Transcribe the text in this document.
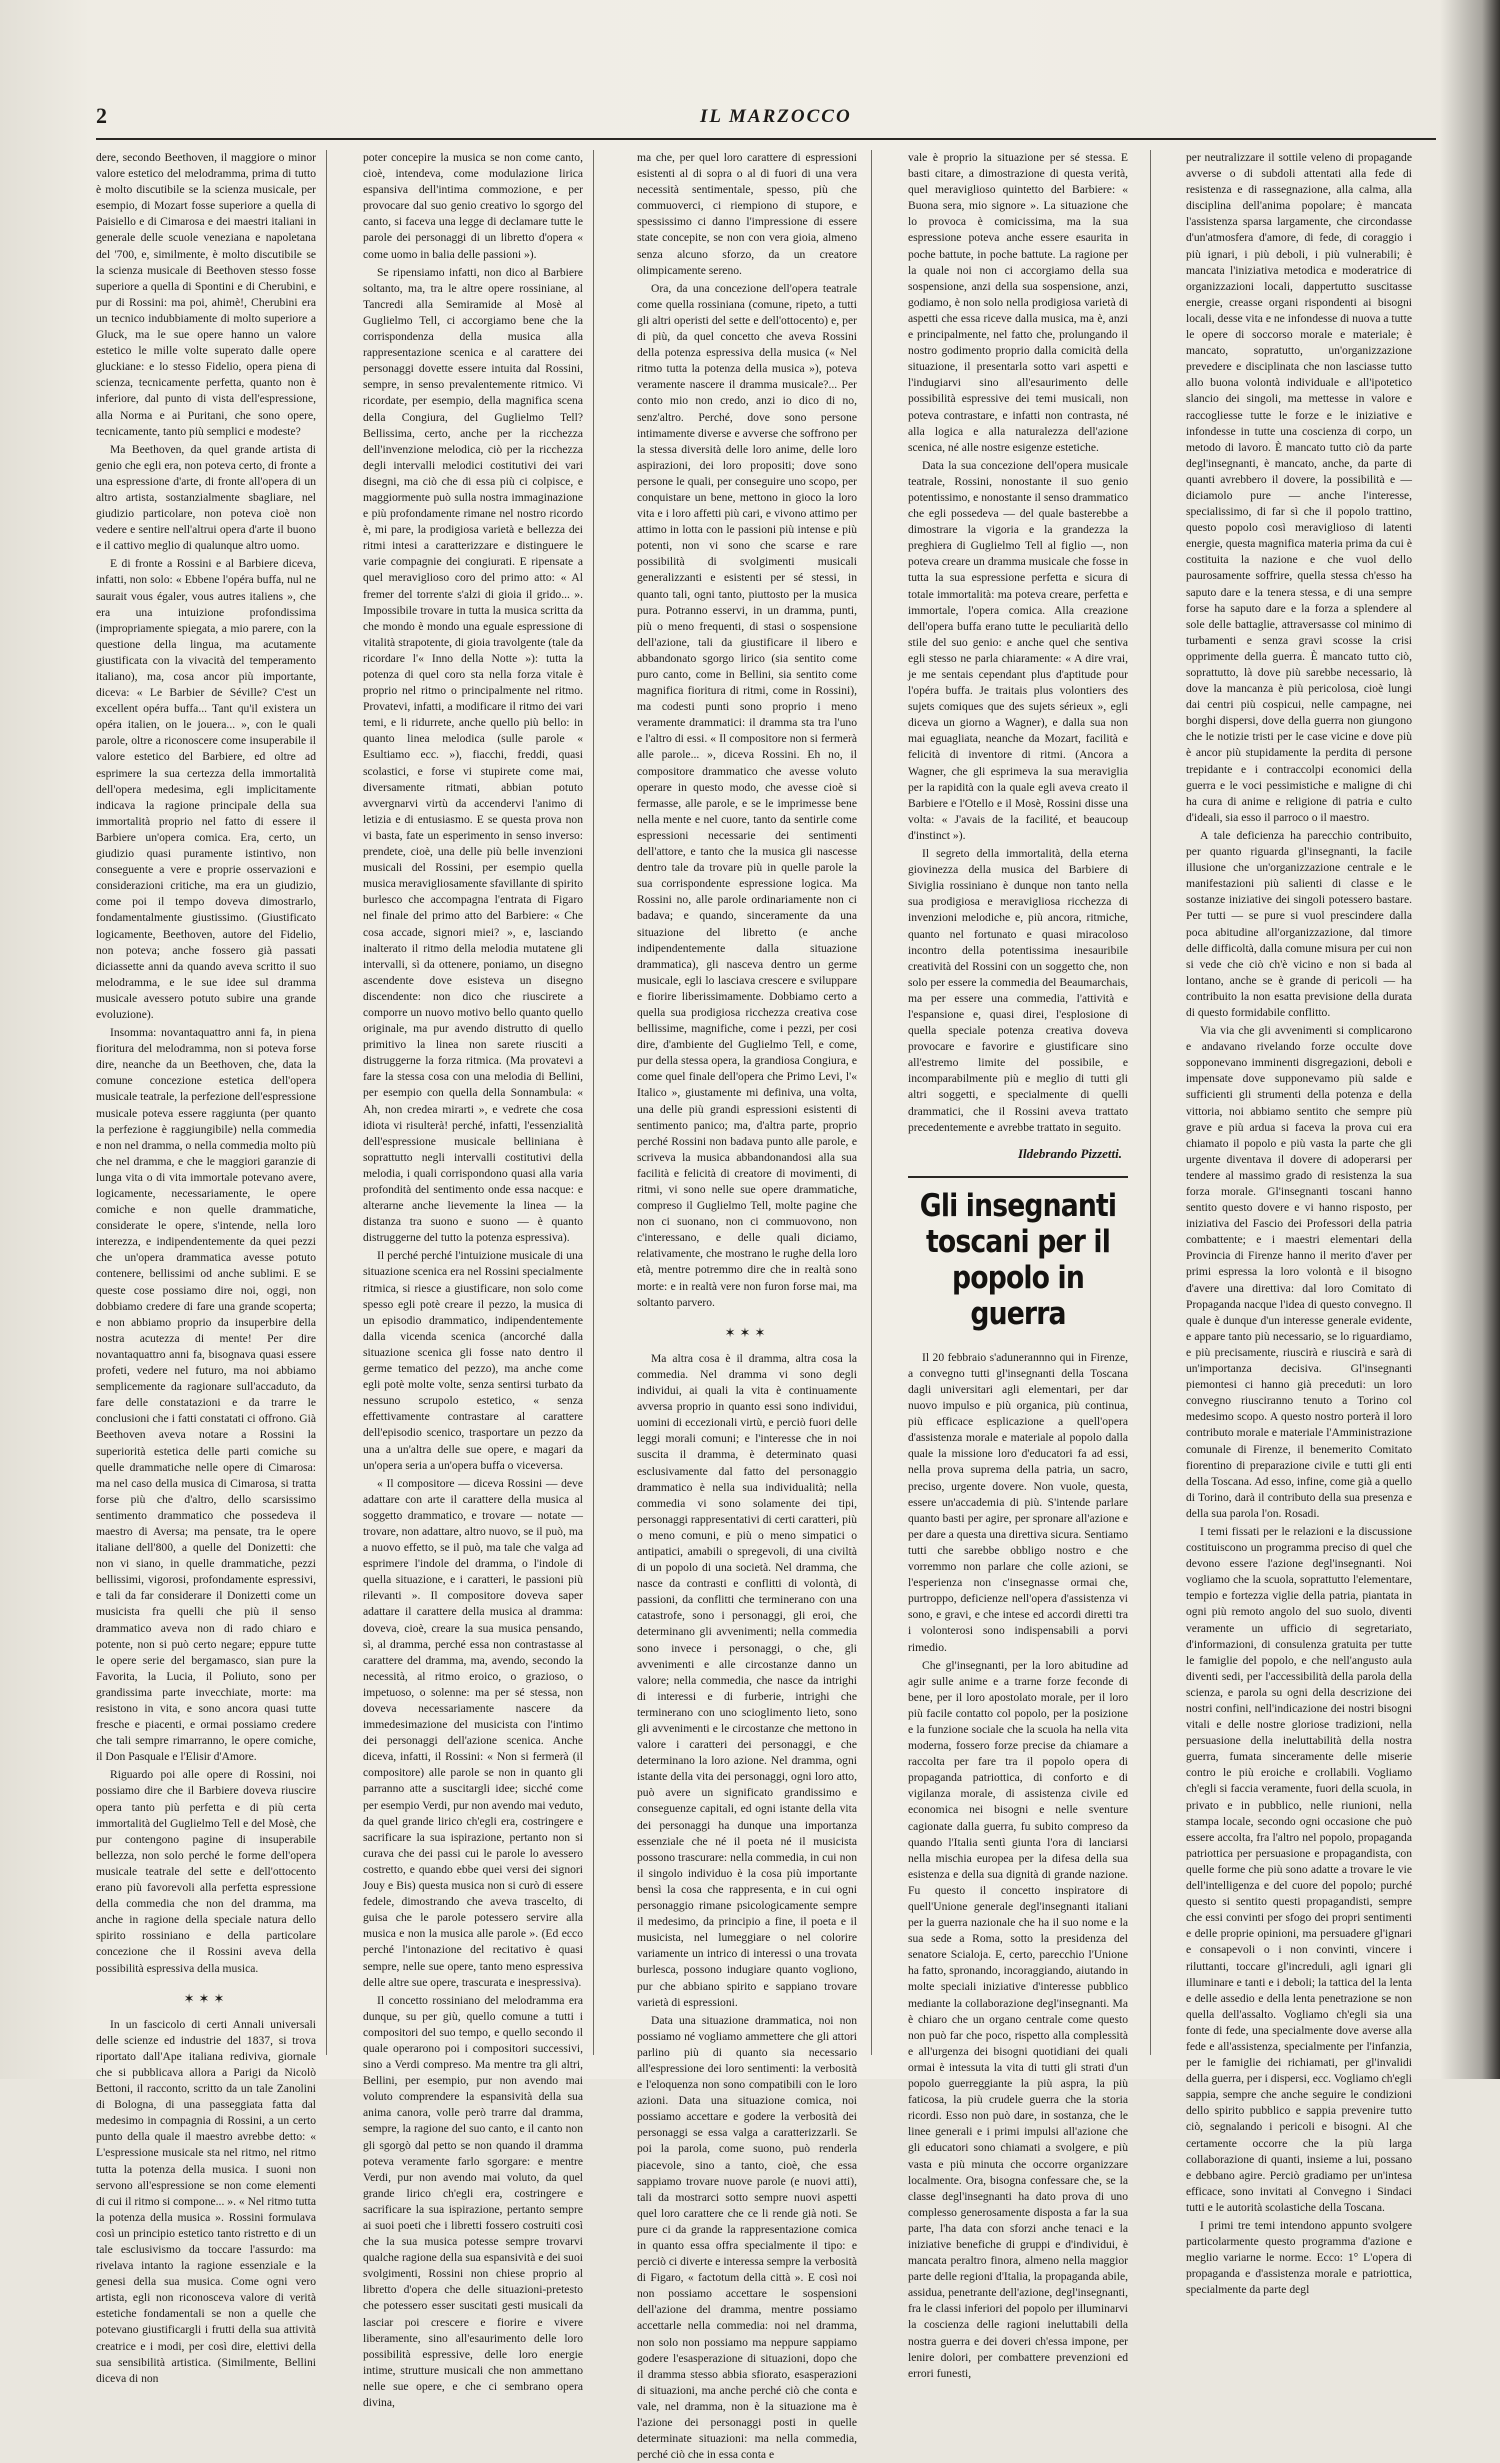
2	IL MARZOCCO

dere, secondo Beethoven, il maggiore o minor valore estetico del melodramma, prima di tutto è molto discutibile se la scienza musicale, per esempio, di Mozart fosse superiore a quella di Paisiello e di Cimarosa e dei maestri italiani in generale delle scuole veneziana e napoletana del '700, e, similmente, è molto discutibile se la scienza musicale di Beethoven stesso fosse superiore a quella di Spontini e di Cherubini, e pur di Rossini: ma poi, ahimè!, Cherubini era un tecnico indubbiamente di molto superiore a Gluck, ma le sue opere hanno un valore estetico le mille volte superato dalle opere gluckiane: e lo stesso Fidelio, opera piena di scienza, tecnicamente perfetta, quanto non è inferiore, dal punto di vista dell'espressione, alla Norma e ai Puritani, che sono opere, tecnicamente, tanto più semplici e modeste?

Ma Beethoven, da quel grande artista di genio che egli era, non poteva certo, di fronte a una espressione d'arte, di fronte all'opera di un altro artista, sostanzialmente sbagliare, nel giudizio particolare, non poteva cioè non vedere e sentire nell'altrui opera d'arte il buono e il cattivo meglio di qualunque altro uomo.

E di fronte a Rossini e al Barbiere diceva, infatti, non solo: « Ebbene l'opéra buffa, nul ne saurait vous égaler, vous autres italiens », che era una intuizione profondissima (impropriamente spiegata, a mio parere, con la questione della lingua, ma acutamente giustificata con la vivacità del temperamento italiano), ma, cosa ancor più importante, diceva: « Le Barbier de Séville? C'est un excellent opéra buffa... Tant qu'il existera un opéra italien, on le jouera... », con le quali parole, oltre a riconoscere come insuperabile il valore estetico del Barbiere, ed oltre ad esprimere la sua certezza della immortalità dell'opera medesima, egli implicitamente indicava la ragione principale della sua immortalità proprio nel fatto di essere il Barbiere un'opera comica. Era, certo, un giudizio quasi puramente istintivo, non conseguente a vere e proprie osservazioni e considerazioni critiche, ma era un giudizio, come poi il tempo doveva dimostrarlo, fondamentalmente giustissimo. (Giustificato logicamente, Beethoven, autore del Fidelio, non poteva; anche fossero già passati diciassette anni da quando aveva scritto il suo melodramma, e le sue idee sul dramma musicale avessero potuto subire una grande evoluzione).

Insomma: novantaquattro anni fa, in piena fioritura del melodramma, non si poteva forse dire, neanche da un Beethoven, che, data la comune concezione estetica dell'opera musicale teatrale, la perfezione dell'espressione musicale poteva essere raggiunta (per quanto la perfezione è raggiungibile) nella commedia e non nel dramma, o nella commedia molto più che nel dramma, e che le maggiori garanzie di lunga vita o di vita immortale potevano avere, logicamente, necessariamente, le opere comiche e non quelle drammatiche, considerate le opere, s'intende, nella loro interezza, e indipendentemente da quei pezzi che un'opera drammatica avesse potuto contenere, bellissimi od anche sublimi. E se queste cose possiamo dire noi, oggi, non dobbiamo credere di fare una grande scoperta; e non abbiamo proprio da insuperbire della nostra acutezza di mente! Per dire novantaquattro anni fa, bisognava quasi essere profeti, vedere nel futuro, ma noi abbiamo semplicemente da ragionare sull'accaduto, da fare delle constatazioni e da trarre le conclusioni che i fatti constatati ci offrono. Già Beethoven aveva notare a Rossini la superiorità estetica delle parti comiche su quelle drammatiche nelle opere di Cimarosa: ma nel caso della musica di Cimarosa, si tratta forse più che d'altro, dello scarsissimo sentimento drammatico che possedeva il maestro di Aversa; ma pensate, tra le opere italiane dell'800, a quelle del Donizetti: che non vi siano, in quelle drammatiche, pezzi bellissimi, vigorosi, profondamente espressivi, e tali da far considerare il Donizetti come un musicista fra quelli che più il senso drammatico aveva non di rado chiaro e potente, non si può certo negare; eppure tutte le opere serie del bergamasco, sian pure la Favorita, la Lucia, il Poliuto, sono per grandissima parte invecchiate, morte: ma resistono in vita, e sono ancora quasi tutte fresche e piacenti, e ormai possiamo credere che tali sempre rimarranno, le opere comiche, il Don Pasquale e l'Elisir d'Amore.

Riguardo poi alle opere di Rossini, noi possiamo dire che il Barbiere doveva riuscire opera tanto più perfetta e di più certa immortalità del Guglielmo Tell e del Mosè, che pur contengono pagine di insuperabile bellezza, non solo perché le forme dell'opera musicale teatrale del sette e dell'ottocento erano più favorevoli alla perfetta espressione della commedia che non del dramma, ma anche in ragione della speciale natura dello spirito rossiniano e della particolare concezione che il Rossini aveva della possibilità espressiva della musica.

✶✶✶

In un fascicolo di certi Annali universali delle scienze ed industrie del 1837, si trova riportato dall'Ape italiana rediviva, giornale che si pubblicava allora a Parigi da Nicolò Bettoni, il racconto, scritto da un tale Zanolini di Bologna, di una passeggiata fatta dal medesimo in compagnia di Rossini, a un certo punto della quale il maestro avrebbe detto: « L'espressione musicale sta nel ritmo, nel ritmo tutta la potenza della musica. I suoni non servono all'espressione se non come elementi di cui il ritmo si compone... ». « Nel ritmo tutta la potenza della musica ». Rossini formulava così un principio estetico tanto ristretto e di un tale esclusivismo da toccare l'assurdo: ma rivelava intanto la ragione essenziale e la genesi della sua musica. Come ogni vero artista, egli non riconosceva valore di verità estetiche fondamentali se non a quelle che potevano giustificargli i frutti della sua attività creatrice e i modi, per così dire, elettivi della sua sensibilità artistica. (Similmente, Bellini diceva di non

poter concepire la musica se non come canto, cioè, intendeva, come modulazione lirica espansiva dell'intima commozione, e per provocare dal suo genio creativo lo sgorgo del canto, si faceva una legge di declamare tutte le parole dei personaggi di un libretto d'opera « come uomo in balia delle passioni »).

Se ripensiamo infatti, non dico al Barbiere soltanto, ma, tra le altre opere rossiniane, al Tancredi alla Semiramide al Mosè al Guglielmo Tell, ci accorgiamo bene che la corrispondenza della musica alla rappresentazione scenica e al carattere dei personaggi dovette essere intuita dal Rossini, sempre, in senso prevalentemente ritmico. Vi ricordate, per esempio, della magnifica scena della Congiura, del Guglielmo Tell? Bellissima, certo, anche per la ricchezza dell'invenzione melodica, ciò per la ricchezza degli intervalli melodici costitutivi dei vari disegni, ma ciò che di essa più ci colpisce, e maggiormente può sulla nostra immaginazione e più profondamente rimane nel nostro ricordo è, mi pare, la prodigiosa varietà e bellezza dei ritmi intesi a caratterizzare e distinguere le varie compagnie dei congiurati. E ripensate a quel meraviglioso coro del primo atto: « Al fremer del torrente s'alzi di gioia il grido... ». Impossibile trovare in tutta la musica scritta da che mondo è mondo una eguale espressione di vitalità strapotente, di gioia travolgente (tale da ricordare l'« Inno della Notte »): tutta la potenza di quel coro sta nella forza vitale è proprio nel ritmo o principalmente nel ritmo. Provatevi, infatti, a modificare il ritmo dei vari temi, e li ridurrete, anche quello più bello: in quanto linea melodica (sulle parole « Esultiamo ecc. »), fiacchi, freddi, quasi scolastici, e forse vi stupirete come mai, diversamente ritmati, abbian potuto avvergnarvi virtù da accendervi l'animo di letizia e di entusiasmo. E se questa prova non vi basta, fate un esperimento in senso inverso: prendete, cioè, una delle più belle invenzioni musicali del Rossini, per esempio quella musica meravigliosamente sfavillante di spirito burlesco che accompagna l'entrata di Figaro nel finale del primo atto del Barbiere: « Che cosa accade, signori miei? », e, lasciando inalterato il ritmo della melodia mutatene gli intervalli, sì da ottenere, poniamo, un disegno ascendente dove esisteva un disegno discendente: non dico che riuscirete a comporre un nuovo motivo bello quanto quello originale, ma pur avendo distrutto di quello primitivo la linea non sarete riusciti a distruggerne la forza ritmica. (Ma provatevi a fare la stessa cosa con una melodia di Bellini, per esempio con quella della Sonnambula: « Ah, non credea mirarti », e vedrete che cosa idiota vi risulterà! perché, infatti, l'essenzialità dell'espressione musicale belliniana è soprattutto negli intervalli costitutivi della melodia, i quali corrispondono quasi alla varia profondità del sentimento onde essa nacque: e alterarne anche lievemente la linea — la distanza tra suono e suono — è quanto distruggerne del tutto la potenza espressiva).

Il perché perché l'intuizione musicale di una situazione scenica era nel Rossini specialmente ritmica, si riesce a giustificare, non solo come spesso egli potè creare il pezzo, la musica di un episodio drammatico, indipendentemente dalla vicenda scenica (ancorché dalla situazione scenica gli fosse nato dentro il germe tematico del pezzo), ma anche come egli potè molte volte, senza sentirsi turbato da nessuno scrupolo estetico, « senza effettivamente contrastare al carattere dell'episodio scenico, trasportare un pezzo da una a un'altra delle sue opere, e magari da un'opera seria a un'opera buffa o viceversa.

« Il compositore — diceva Rossini — deve adattare con arte il carattere della musica al soggetto drammatico, e trovare — notate — trovare, non adattare, altro nuovo, se il può, ma a nuovo effetto, se il può, ma tale che valga ad esprimere l'indole del dramma, o l'indole di quella situazione, e i caratteri, le passioni più rilevanti ». Il compositore doveva saper adattare il carattere della musica al dramma: doveva, cioè, creare la sua musica pensando, sì, al dramma, perché essa non contrastasse al carattere del dramma, ma, avendo, secondo la necessità, al ritmo eroico, o grazioso, o impetuoso, o solenne: ma per sé stessa, non doveva necessariamente nascere da immedesimazione del musicista con l'intimo dei personaggi dell'azione scenica. Anche diceva, infatti, il Rossini: « Non si fermerà (il compositore) alle parole se non in quanto gli parranno atte a suscitargli idee; sicché come per esempio Verdi, pur non avendo mai veduto, da quel grande lirico ch'egli era, costringere e sacrificare la sua ispirazione, pertanto non si curava che dei passi cui le parole lo avessero costretto, e quando ebbe quei versi dei signori Jouy e Bis) questa musica non si curò di essere fedele, dimostrando che aveva trascelto, di guisa che le parole potessero servire alla musica e non la musica alle parole ». (Ed ecco perché l'intonazione del recitativo è quasi sempre, nelle sue opere, tanto meno espressiva delle altre sue opere, trascurata e inespressiva).

Il concetto rossiniano del melodramma era dunque, su per giù, quello comune a tutti i compositori del suo tempo, e quello secondo il quale operarono poi i compositori successivi, sino a Verdi compreso. Ma mentre tra gli altri, Bellini, per esempio, pur non avendo mai voluto comprendere la espansività della sua anima canora, volle però trarre dal dramma, sempre, la ragione del suo canto, e il canto non gli sgorgò dal petto se non quando il dramma poteva veramente farlo sgorgare: e mentre Verdi, pur non avendo mai voluto, da quel grande lirico ch'egli era, costringere e sacrificare la sua ispirazione, pertanto sempre ai suoi poeti che i libretti fossero costruiti così che la sua musica potesse sempre trovarvi qualche ragione della sua espansività e dei suoi svolgimenti, Rossini non chiese proprio al libretto d'opera che delle situazioni-pretesto che potessero esser suscitati gesti musicali da lasciar poi crescere e fiorire e vivere liberamente, sino all'esaurimento delle loro possibilità espressive, delle loro energie intime, strutture musicali che non ammettano nelle sue opere, e che ci sembrano opera divina,

ma che, per quel loro carattere di espressioni esistenti al di sopra o al di fuori di una vera necessità sentimentale, spesso, più che commuoverci, ci riempiono di stupore, e spessissimo ci danno l'impressione di essere state concepite, se non con vera gioia, almeno senza alcuno sforzo, da un creatore olimpicamente sereno.

Ora, da una concezione dell'opera teatrale come quella rossiniana (comune, ripeto, a tutti gli altri operisti del sette e dell'ottocento) e, per di più, da quel concetto che aveva Rossini della potenza espressiva della musica (« Nel ritmo tutta la potenza della musica »), poteva veramente nascere il dramma musicale?... Per conto mio non credo, anzi io dico di no, senz'altro. Perché, dove sono persone intimamente diverse e avverse che soffrono per la stessa diversità delle loro anime, delle loro aspirazioni, dei loro propositi; dove sono persone le quali, per conseguire uno scopo, per conquistare un bene, mettono in gioco la loro vita e i loro affetti più cari, e vivono attimo per attimo in lotta con le passioni più intense e più potenti, non vi sono che scarse e rare possibilità di svolgimenti musicali generalizzanti e esistenti per sé stessi, in quanto tali, ogni tanto, piuttosto per la musica pura. Potranno esservi, in un dramma, punti, più o meno frequenti, di stasi o sospensione dell'azione, tali da giustificare il libero e abbandonato sgorgo lirico (sia sentito come puro canto, come in Bellini, sia sentito come magnifica fioritura di ritmi, come in Rossini), ma codesti punti sono proprio i meno veramente drammatici: il dramma sta tra l'uno e l'altro di essi. « Il compositore non si fermerà alle parole... », diceva Rossini. Eh no, il compositore drammatico che avesse voluto operare in questo modo, che avesse cioè si fermasse, alle parole, e se le imprimesse bene nella mente e nel cuore, tanto da sentirle come espressioni necessarie dei sentimenti dell'attore, e tanto che la musica gli nascesse dentro tale da trovare più in quelle parole la sua corrispondente espressione logica. Ma Rossini no, alle parole ordinariamente non ci badava; e quando, sinceramente da una situazione del libretto (e anche indipendentemente dalla situazione drammatica), gli nasceva dentro un germe musicale, egli lo lasciava crescere e sviluppare e fiorire liberissimamente. Dobbiamo certo a quella sua prodigiosa ricchezza creativa cose bellissime, magnifiche, come i pezzi, per cosi dire, d'ambiente del Guglielmo Tell, e come, pur della stessa opera, la grandiosa Congiura, e come quel finale dell'opera che Primo Levi, l'« Italico », giustamente mi definiva, una volta, una delle più grandi espressioni esistenti di sentimento panico; ma, d'altra parte, proprio perché Rossini non badava punto alle parole, e scriveva la musica abbandonandosi alla sua facilità e felicità di creatore di movimenti, di ritmi, vi sono nelle sue opere drammatiche, compreso il Guglielmo Tell, molte pagine che non ci suonano, non ci commuovono, non c'interessano, e delle quali diciamo, relativamente, che mostrano le rughe della loro età, mentre potremmo dire che in realtà sono morte: e in realtà vere non furon forse mai, ma soltanto parvero.

✶✶✶

Ma altra cosa è il dramma, altra cosa la commedia. Nel dramma vi sono degli individui, ai quali la vita è continuamente avversa proprio in quanto essi sono individui, uomini di eccezionali virtù, e perciò fuori delle leggi morali comuni; e l'interesse che in noi suscita il dramma, è determinato quasi esclusivamente dal fatto del personaggio drammatico è nella sua individualità; nella commedia vi sono solamente dei tipi, personaggi rappresentativi di certi caratteri, più o meno comuni, e più o meno simpatici o antipatici, amabili o spregevoli, di una civiltà di un popolo di una società. Nel dramma, che nasce da contrasti e conflitti di volontà, di passioni, da conflitti che terminerano con una catastrofe, sono i personaggi, gli eroi, che determinano gli avvenimenti; nella commedia sono invece i personaggi, o che, gli avvenimenti e alle circostanze danno un valore; nella commedia, che nasce da intrighi di interessi e di furberie, intrighi che terminerano con uno scioglimento lieto, sono gli avvenimenti e le circostanze che mettono in valore i caratteri dei personaggi, e che determinano la loro azione. Nel dramma, ogni istante della vita dei personaggi, ogni loro atto, può avere un significato grandissimo e conseguenze capitali, ed ogni istante della vita dei personaggi ha dunque una importanza essenziale che né il poeta né il musicista possono trascurare: nella commedia, in cui non il singolo individuo è la cosa più importante bensì la cosa che rappresenta, e in cui ogni personaggio rimane psicologicamente sempre il medesimo, da principio a fine, il poeta e il musicista, nel lumeggiare o nel colorire variamente un intrico di interessi o una trovata burlesca, possono indugiare quanto vogliono, pur che abbiano spirito e sappiano trovare varietà di espressioni.

Data una situazione drammatica, noi non possiamo né vogliamo ammettere che gli attori parlino più di quanto sia necessario all'espressione dei loro sentimenti: la verbosità e l'eloquenza non sono compatibili con le loro azioni. Data una situazione comica, noi possiamo accettare e godere la verbosità dei personaggi se essa valga a caratterizzarli. Se poi la parola, come suono, può renderla piacevole, sino a tanto, cioè, che essa sappiamo trovare nuove parole (e nuovi atti), tali da mostrarci sotto sempre nuovi aspetti quel loro carattere che ce li rende già noti. Se pure ci da grande la rappresentazione comica in quanto essa offra specialmente il tipo: e perciò ci diverte e interessa sempre la verbosità di Figaro, « factotum della città ». E così noi non possiamo accettare le sospensioni dell'azione del dramma, mentre possiamo accettarle nella commedia: noi nel dramma, non solo non possiamo ma neppure sappiamo godere l'esasperazione di situazioni, dopo che il dramma stesso abbia sfiorato, esasperazioni di situazioni, ma anche perché ciò che conta e vale, nel dramma, non è la situazione ma è l'azione dei personaggi posti in quelle determinate situazioni: ma nella commedia, perché ciò che in essa conta e

vale è proprio la situazione per sé stessa. E basti citare, a dimostrazione di questa verità, quel meraviglioso quintetto del Barbiere: « Buona sera, mio signore ». La situazione che lo provoca è comicissima, ma la sua espressione poteva anche essere esaurita in poche battute, in poche battute. La ragione per la quale noi non ci accorgiamo della sua sospensione, anzi della sua sospensione, anzi, godiamo, è non solo nella prodigiosa varietà di aspetti che essa riceve dalla musica, ma è, anzi e principalmente, nel fatto che, prolungando il nostro godimento proprio dalla comicità della situazione, il presentarla sotto vari aspetti e l'indugiarvi sino all'esaurimento delle possibilità espressive dei temi musicali, non poteva contrastare, e infatti non contrasta, né alla logica e alla naturalezza dell'azione scenica, né alle nostre esigenze estetiche.

Data la sua concezione dell'opera musicale teatrale, Rossini, nonostante il suo genio potentissimo, e nonostante il senso drammatico che egli possedeva — del quale basterebbe a dimostrare la vigoria e la grandezza la preghiera di Guglielmo Tell al figlio —, non poteva creare un dramma musicale che fosse in tutta la sua espressione perfetta e sicura di totale immortalità: ma poteva creare, perfetta e immortale, l'opera comica. Alla creazione dell'opera buffa erano tutte le peculiarità dello stile del suo genio: e anche quel che sentiva egli stesso ne parla chiaramente: « A dire vrai, je me sentais cependant plus d'aptitude pour l'opéra buffa. Je traitais plus volontiers des sujets comiques que des sujets sérieux », egli diceva un giorno a Wagner), e dalla sua non mai eguagliata, neanche da Mozart, facilità e felicità di inventore di ritmi. (Ancora a Wagner, che gli esprimeva la sua meraviglia per la rapidità con la quale egli aveva creato il Barbiere e l'Otello e il Mosè, Rossini disse una volta: « J'avais de la facilité, et beaucoup d'instinct »).

Il segreto della immortalità, della eterna giovinezza della musica del Barbiere di Siviglia rossiniano è dunque non tanto nella sua prodigiosa e meravigliosa ricchezza di invenzioni melodiche e, più ancora, ritmiche, quanto nel fortunato e quasi miracoloso incontro della potentissima inesauribile creatività del Rossini con un soggetto che, non solo per essere la commedia del Beaumarchais, ma per essere una commedia, l'attività e l'espansione e, quasi direi, l'esplosione di quella speciale potenza creativa doveva provocare e favorire e giustificare sino all'estremo limite del possibile, e incomparabilmente più e meglio di tutti gli altri soggetti, e specialmente di quelli drammatici, che il Rossini aveva trattato precedentemente e avrebbe trattato in seguito.

Ildebrando Pizzetti.
Gli insegnanti toscani per il popolo in guerra

Il 20 febbraio s'adunerannno qui in Firenze, a convegno tutti gl'insegnanti della Toscana dagli universitari agli elementari, per dar nuovo impulso e più organica, più continua, più efficace esplicazione a quell'opera d'assistenza morale e materiale al popolo dalla quale la missione loro d'educatori fa ad essi, nella prova suprema della patria, un sacro, preciso, urgente dovere. Non vuole, questa, essere un'accademia di più. S'intende parlare quanto basti per agire, per spronare all'azione e per dare a questa una direttiva sicura. Sentiamo tutti che sarebbe obbligo nostro e che vorremmo non parlare che colle azioni, se l'esperienza non c'insegnasse ormai che, purtroppo, deficienze nell'opera d'assistenza vi sono, e gravi, e che intese ed accordi diretti tra i volonterosi sono indispensabili a porvi rimedio.

Che gl'insegnanti, per la loro abitudine ad agir sulle anime e a trarne forze feconde di bene, per il loro apostolato morale, per il loro più facile contatto col popolo, per la posizione e la funzione sociale che la scuola ha nella vita moderna, fossero forze precise da chiamare a raccolta per fare tra il popolo opera di propaganda patriottica, di conforto e di vigilanza morale, di assistenza civile ed economica nei bisogni e nelle sventure cagionate dalla guerra, fu subito compreso da quando l'Italia sentì giunta l'ora di lanciarsi nella mischia europea per la difesa della sua esistenza e della sua dignità di grande nazione. Fu questo il concetto inspiratore di quell'Unione generale degl'insegnanti italiani per la guerra nazionale che ha il suo nome e la sua sede a Roma, sotto la presidenza del senatore Scialoja. E, certo, parecchio l'Unione ha fatto, spronando, incoraggiando, aiutando in molte speciali iniziative d'interesse pubblico mediante la collaborazione degl'insegnanti. Ma è chiaro che un organo centrale come questo non può far che poco, rispetto alla complessità e all'urgenza dei bisogni quotidiani dei quali ormai è intessuta la vita di tutti gli strati d'un popolo guerreggiante la più aspra, la più faticosa, la più crudele guerra che la storia ricordi. Esso non può dare, in sostanza, che le linee generali e i primi impulsi all'azione che gli educatori sono chiamati a svolgere, e più vasta e più minuta che occorre organizzare localmente. Ora, bisogna confessare che, se la classe degl'insegnanti ha dato prova di uno complesso generosamente disposta a far la sua parte, l'ha data con sforzi anche tenaci e la iniziative benefiche di gruppi e d'individui, è mancata peraltro finora, almeno nella maggior parte delle regioni d'Italia, la propaganda abile, assidua, penetrante dell'azione, degl'insegnanti, fra le classi inferiori del popolo per illuminarvi la coscienza delle ragioni ineluttabili della nostra guerra e dei doveri ch'essa impone, per lenire dolori, per combattere prevenzioni ed errori funesti,

per neutralizzare il sottile veleno di propagande avverse o di subdoli attentati alla fede di resistenza e di rassegnazione, alla calma, alla disciplina dell'anima popolare; è mancata l'assistenza sparsa largamente, che circondasse d'un'atmosfera d'amore, di fede, di coraggio i più ignari, i più deboli, i più vulnerabili; è mancata l'iniziativa metodica e moderatrice di organizzazioni locali, dappertutto suscitasse energie, creasse organi rispondenti ai bisogni locali, desse vita e ne infondesse di nuova a tutte le opere di soccorso morale e materiale; è mancato, sopratutto, un'organizzazione prevedere e disciplinata che non lasciasse tutto allo buona volontà individuale e all'ipotetico slancio dei singoli, ma mettesse in valore e raccogliesse tutte le forze e le iniziative e infondesse in tutte una coscienza di corpo, un metodo di lavoro. È mancato tutto ciò da parte degl'insegnanti, è mancato, anche, da parte di quanti avrebbero il dovere, la possibilità e — diciamolo pure — anche l'interesse, specialissimo, di far sì che il popolo trattino, questo popolo così meraviglioso di latenti energie, questa magnifica materia prima da cui è costituita la nazione e che vuol dello paurosamente soffrire, quella stessa ch'esso ha saputo dare e la tenera stessa, e di una sempre forse ha saputo dare e la forza a splendere al sole delle battaglie, attraversasse col minimo di turbamenti e senza gravi scosse la crisi opprimente della guerra. È mancato tutto ciò, soprattutto, là dove più sarebbe necessario, là dove la mancanza è più pericolosa, cioè lungi dai centri più cospicui, nelle campagne, nei borghi dispersi, dove della guerra non giungono che le notizie tristi per le case vicine e dove più è ancor più stupidamente la perdita di persone trepidante e i contraccolpi economici della guerra e le voci pessimistiche e maligne di chi ha cura di anime e religione di patria e culto d'ideali, sia esso il parroco o il maestro.

A tale deficienza ha parecchio contribuito, per quanto riguarda gl'insegnanti, la facile illusione che un'organizzazione centrale e le manifestazioni più salienti di classe e le sostanze iniziative dei singoli potessero bastare. Per tutti — se pure si vuol prescindere dalla poca abitudine all'organizzazione, dal timore delle difficoltà, dalla comune misura per cui non si vede che ciò ch'è vicino e non si bada al lontano, anche se è grande di pericoli — ha contribuito la non esatta previsione della durata di questo formidabile conflitto.

Via via che gli avvenimenti si complicarono e andavano rivelando forze occulte dove sopponevano imminenti disgregazioni, deboli e impensate dove supponevamo più salde e sufficienti gli strumenti della potenza e della vittoria, noi abbiamo sentito che sempre più grave e più ardua si faceva la prova cui era chiamato il popolo e più vasta la parte che gli urgente diventava il dovere di adoperarsi per tendere al massimo grado di resistenza la sua forza morale. Gl'insegnanti toscani hanno sentito questo dovere e vi hanno risposto, per iniziativa del Fascio dei Professori della patria combattente; e i maestri elementari della Provincia di Firenze hanno il merito d'aver per primi espressa la loro volontà e il bisogno d'avere una direttiva: dal loro Comitato di Propaganda nacque l'idea di questo convegno. Il quale è dunque d'un interesse generale evidente, e appare tanto più necessario, se lo riguardiamo, e più precisamente, riuscirà e riuscirà e sarà di un'importanza decisiva. Gl'insegnanti piemontesi ci hanno già preceduti: un loro convegno riusciranno tenuto a Torino col medesimo scopo. A questo nostro porterà il loro contributo morale e materiale l'Amministrazione comunale di Firenze, il benemerito Comitato fiorentino di preparazione civile e tutti gli enti della Toscana. Ad esso, infine, come già a quello di Torino, darà il contributo della sua presenza e della sua parola l'on. Rosadi.

I temi fissati per le relazioni e la discussione costituiscono un programma preciso di quel che devono essere l'azione degl'insegnanti. Noi vogliamo che la scuola, soprattutto l'elementare, tempio e fortezza viglie della patria, piantata in ogni più remoto angolo del suo suolo, diventi veramente un ufficio di segretariato, d'informazioni, di consulenza gratuita per tutte le famiglie del popolo, e che nell'angusto aula diventi sedi, per l'accessibilità della parola della scienza, e parola su ogni della descrizione dei nostri confini, nell'indicazione dei nostri bisogni vitali e delle nostre gloriose tradizioni, nella persuasione della ineluttabilità della nostra guerra, fumata sinceramente delle miserie contro le più eroiche e crollabili. Vogliamo ch'egli si faccia veramente, fuori della scuola, in privato e in pubblico, nelle riunioni, nella stampa locale, secondo ogni occasione che può essere accolta, fra l'altro nel popolo, propaganda patriottica per persuasione e propagandista, con quelle forme che più sono adatte a trovare le vie dell'intelligenza e del cuore del popolo; purché questo si sentito questi propagandisti, sempre che essi convinti per sfogo dei propri sentimenti e delle proprie opinioni, ma persuadere gl'ignari e consapevoli o i non convinti, vincere i riluttanti, toccare gl'increduli, agli ignari gli illuminare e tanti e i deboli; la tattica del la lenta e delle assedio e della lenta penetrazione se non quella dell'assalto. Vogliamo ch'egli sia una fonte di fede, una specialmente dove averse alla fede e all'assistenza, specialmente per l'infanzia, per le famiglie dei richiamati, per gl'invalidi della guerra, per i dispersi, ecc. Vogliamo ch'egli sappia, sempre che anche seguire le condizioni dello spirito pubblico e sappia prevenire tutto ciò, segnalando i pericoli e bisogni. Al che certamente occorre che la più larga collaborazione di quanti, insieme a lui, possano e debbano agire. Perciò gradiamo per un'intesa efficace, sono invitati al Convegno i Sindaci tutti e le autorità scolastiche della Toscana.

I primi tre temi intendono appunto svolgere particolarmente questo programma d'azione e meglio variarne le norme. Ecco: 1° L'opera di propaganda e d'assistenza morale e patriottica, specialmente da parte degl
